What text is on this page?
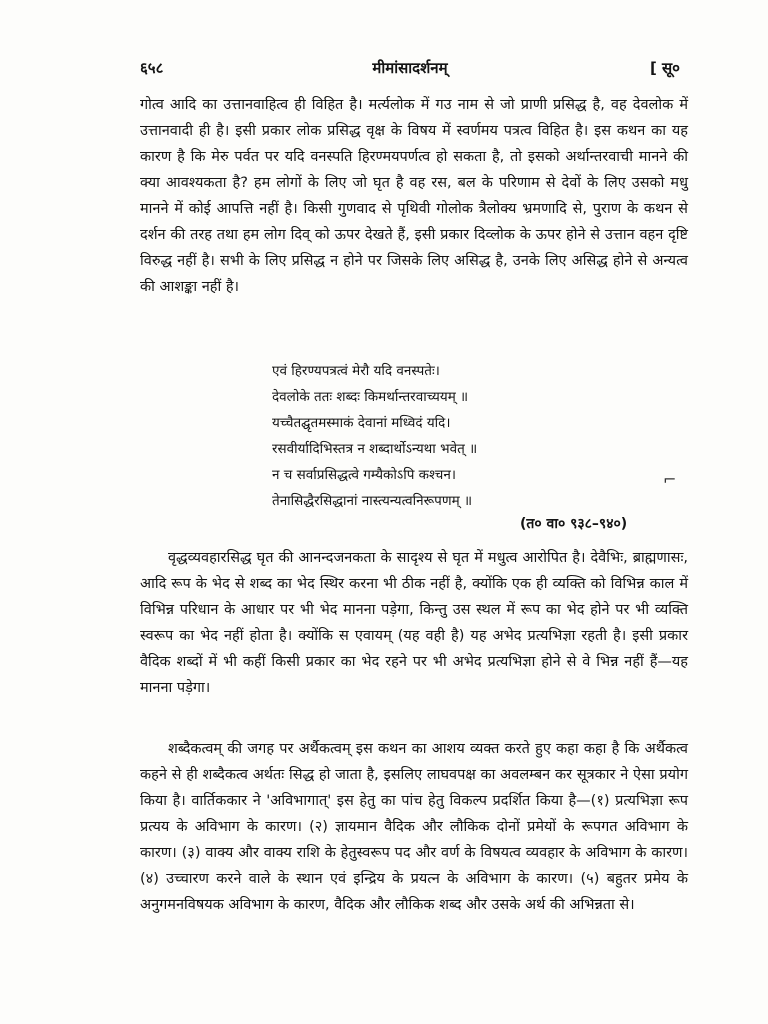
६५८	मीमांसादर्शनम्	[ सू०

गोत्व आदि का उत्तानवाहित्व ही विहित है। मर्त्यलोक में गउ नाम से जो प्राणी प्रसिद्ध है, वह देवलोक में उत्तानवादी ही है। इसी प्रकार लोक प्रसिद्ध वृक्ष के विषय में स्वर्णमय पत्रत्व विहित है। इस कथन का यह कारण है कि मेरु पर्वत पर यदि वनस्पति हिरण्मयपर्णत्व हो सकता है, तो इसको अर्थान्तरवाची मानने की क्या आवश्यकता है? हम लोगों के लिए जो घृत है वह रस, बल के परिणाम से देवों के लिए उसको मधु मानने में कोई आपत्ति नहीं है। किसी गुणवाद से पृथिवी गोलोक त्रैलोक्य भ्रमणादि से, पुराण के कथन से दर्शन की तरह तथा हम लोग दिव् को ऊपर देखते हैं, इसी प्रकार दिव्लोक के ऊपर होने से उत्तान वहन दृष्टि विरुद्ध नहीं है। सभी के लिए प्रसिद्ध न होने पर जिसके लिए असिद्ध है, उनके लिए असिद्ध होने से अन्यत्व की आशङ्का नहीं है।

एवं हिरण्यपत्रत्वं मेरौ यदि वनस्पतेः।
देवलोके ततः शब्दः किमर्थान्तरवाच्ययम् ॥
यच्चैतद्घृतमस्माकं देवानां मध्विदं यदि।
रसवीर्यादिभिस्तत्र न शब्दार्थोऽन्यथा भवेत् ॥
न च सर्वाप्रसिद्धत्वे गम्यैकोऽपि कश्चन।
तेनासिद्धैरसिद्धानां नास्त्यन्यत्वनिरूपणम् ॥
⌐
(त० वा० ९३८–९४०)

वृद्धव्यवहारसिद्ध घृत की आनन्दजनकता के सादृश्य से घृत में मधुत्व आरोपित है। देवैभिः, ब्राह्मणासः, आदि रूप के भेद से शब्द का भेद स्थिर करना भी ठीक नहीं है, क्योंकि एक ही व्यक्ति को विभिन्न काल में विभिन्न परिधान के आधार पर भी भेद मानना पड़ेगा, किन्तु उस स्थल में रूप का भेद होने पर भी व्यक्ति स्वरूप का भेद नहीं होता है। क्योंकि स एवायम् (यह वही है) यह अभेद प्रत्यभिज्ञा रहती है। इसी प्रकार वैदिक शब्दों में भी कहीं किसी प्रकार का भेद रहने पर भी अभेद प्रत्यभिज्ञा होने से वे भिन्न नहीं हैं—यह मानना पड़ेगा।

शब्दैकत्वम् की जगह पर अर्थैकत्वम् इस कथन का आशय व्यक्त करते हुए कहा कहा है कि अर्थैकत्व कहने से ही शब्दैकत्व अर्थतः सिद्ध हो जाता है, इसलिए लाघवपक्ष का अवलम्बन कर सूत्रकार ने ऐसा प्रयोग किया है। वार्तिककार ने 'अविभागात्' इस हेतु का पांच हेतु विकल्प प्रदर्शित किया है—(१) प्रत्यभिज्ञा रूप प्रत्यय के अविभाग के कारण। (२) ज्ञायमान वैदिक और लौकिक दोनों प्रमेयों के रूपगत अविभाग के कारण। (३) वाक्य और वाक्य राशि के हेतुस्वरूप पद और वर्ण के विषयत्व व्यवहार के अविभाग के कारण। (४) उच्चारण करने वाले के स्थान एवं इन्द्रिय के प्रयत्न के अविभाग के कारण। (५) बहुतर प्रमेय के अनुगमनविषयक अविभाग के कारण, वैदिक और लौकिक शब्द और उसके अर्थ की अभिन्नता से।
